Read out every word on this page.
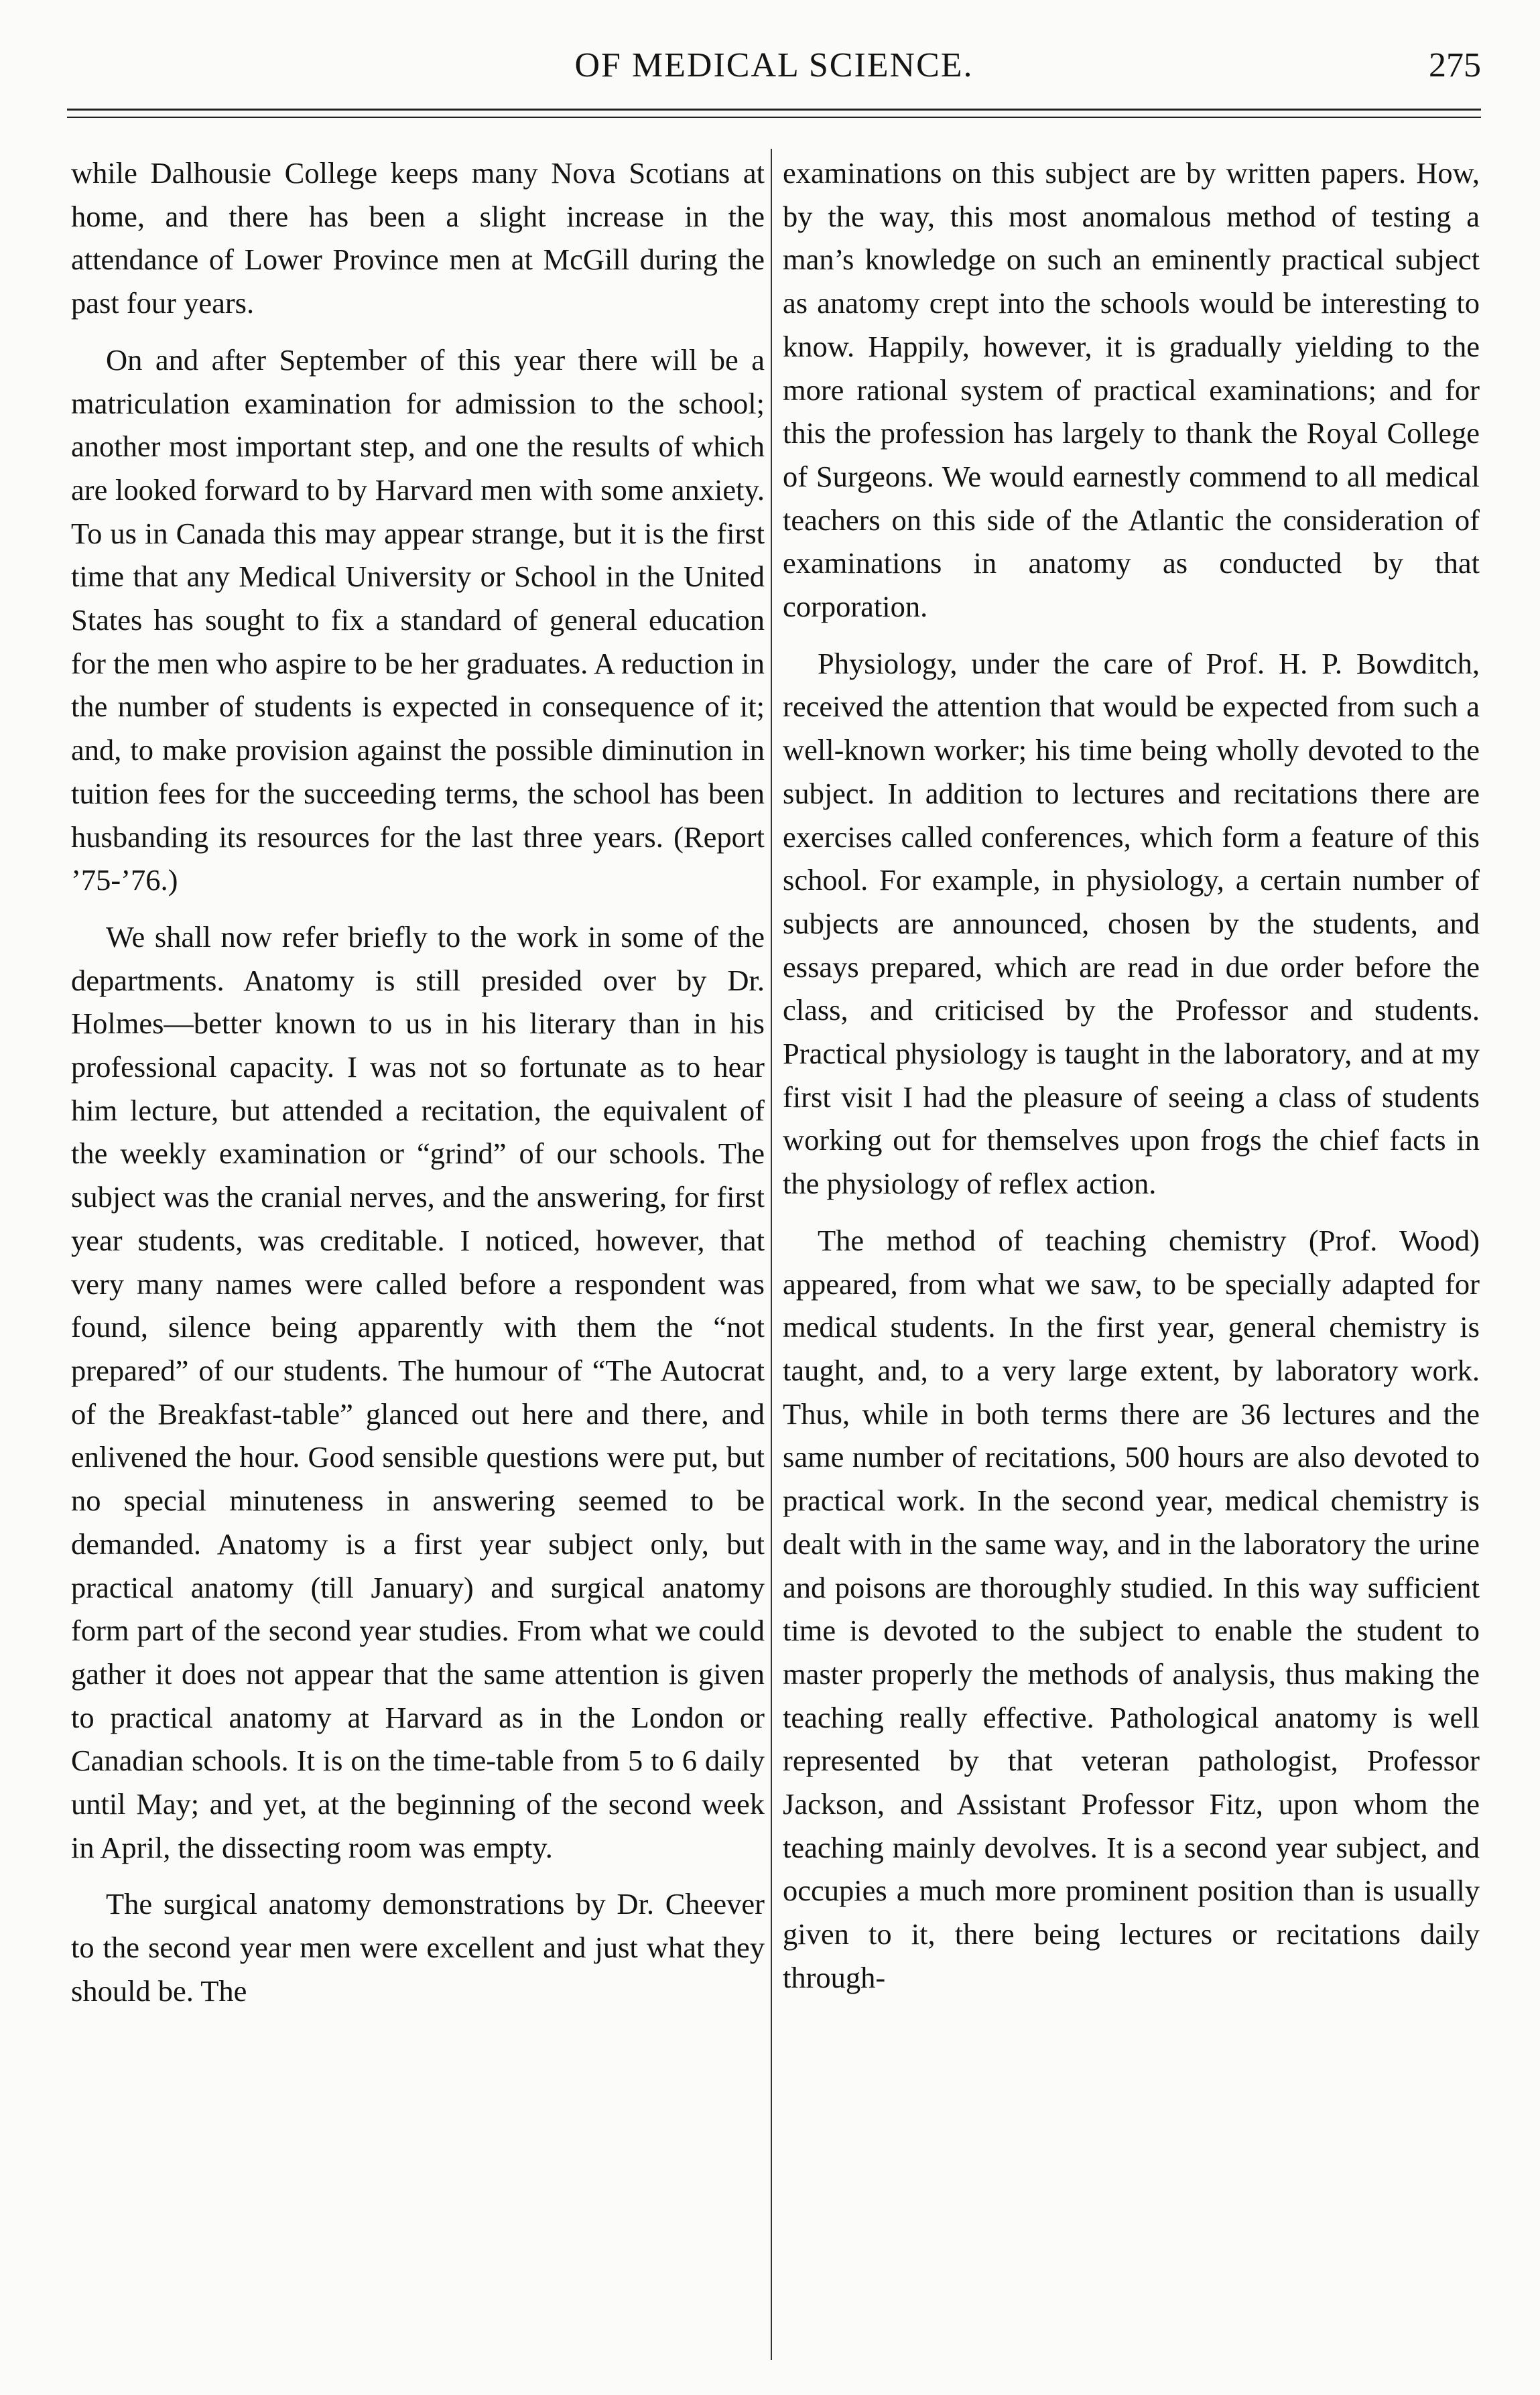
OF MEDICAL SCIENCE.	275

while Dalhousie College keeps many Nova Scotians at home, and there has been a slight increase in the attendance of Lower Province men at McGill during the past four years.

On and after September of this year there will be a matriculation examination for admission to the school; another most important step, and one the results of which are looked forward to by Harvard men with some anxiety. To us in Canada this may appear strange, but it is the first time that any Medical University or School in the United States has sought to fix a standard of general education for the men who aspire to be her graduates. A reduction in the number of students is expected in consequence of it; and, to make provision against the possible diminution in tuition fees for the succeeding terms, the school has been husbanding its resources for the last three years. (Report ’75-’76.)

We shall now refer briefly to the work in some of the departments. Anatomy is still presided over by Dr. Holmes—better known to us in his literary than in his professional capacity. I was not so fortunate as to hear him lecture, but attended a recitation, the equivalent of the weekly examination or “grind” of our schools. The subject was the cranial nerves, and the answering, for first year students, was creditable. I noticed, however, that very many names were called before a respondent was found, silence being apparently with them the “not prepared” of our students. The humour of “The Autocrat of the Breakfast-table” glanced out here and there, and enlivened the hour. Good sensible questions were put, but no special minuteness in answering seemed to be demanded. Anatomy is a first year subject only, but practical anatomy (till January) and surgical anatomy form part of the second year studies. From what we could gather it does not appear that the same attention is given to practical anatomy at Harvard as in the London or Canadian schools. It is on the time-table from 5 to 6 daily until May; and yet, at the beginning of the second week in April, the dissecting room was empty.

The surgical anatomy demonstrations by Dr. Cheever to the second year men were excellent and just what they should be. The

examinations on this subject are by written papers. How, by the way, this most anomalous method of testing a man’s knowledge on such an eminently practical subject as anatomy crept into the schools would be interesting to know. Happily, however, it is gradually yielding to the more rational system of practical examinations; and for this the profession has largely to thank the Royal College of Surgeons. We would earnestly commend to all medical teachers on this side of the Atlantic the consideration of examinations in anatomy as conducted by that corporation.

Physiology, under the care of Prof. H. P. Bowditch, received the attention that would be expected from such a well-known worker; his time being wholly devoted to the subject. In addition to lectures and recitations there are exercises called conferences, which form a feature of this school. For example, in physiology, a certain number of subjects are announced, chosen by the students, and essays prepared, which are read in due order before the class, and criticised by the Professor and students. Practical physiology is taught in the laboratory, and at my first visit I had the pleasure of seeing a class of students working out for themselves upon frogs the chief facts in the physiology of reflex action.

The method of teaching chemistry (Prof. Wood) appeared, from what we saw, to be specially adapted for medical students. In the first year, general chemistry is taught, and, to a very large extent, by laboratory work. Thus, while in both terms there are 36 lectures and the same number of recitations, 500 hours are also devoted to practical work. In the second year, medical chemistry is dealt with in the same way, and in the laboratory the urine and poisons are thoroughly studied. In this way sufficient time is devoted to the subject to enable the student to master properly the methods of analysis, thus making the teaching really effective. Pathological anatomy is well represented by that veteran pathologist, Professor Jackson, and Assistant Professor Fitz, upon whom the teaching mainly devolves. It is a second year subject, and occupies a much more prominent position than is usually given to it, there being lectures or recitations daily through-
